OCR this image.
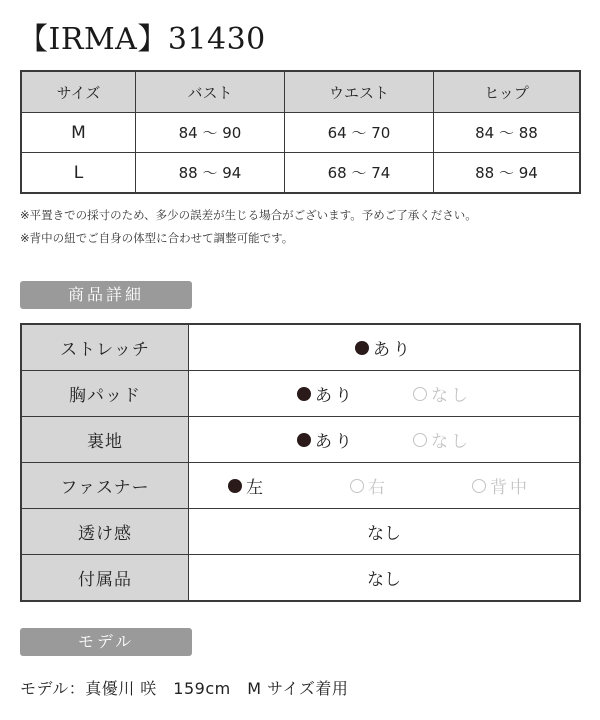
【IRMA】31430
サイズ	バスト	ウエスト	ヒップ
M	84 ～ 90	64 ～ 70	84 ～ 88
L	88 ～ 94	68 ～ 74	88 ～ 94
※平置きでの採寸のため、多少の誤差が生じる場合がございます。予めご了承ください。
※背中の紐でご自身の体型に合わせて調整可能です。
商品詳細
ストレッチ	あり

胸パッド	あり なし

裏地	あり なし

ファスナー	左 右 背中

透け感	なし
付属品	なし
モデル
モデル：真優川 咲　159cm　M サイズ着用
